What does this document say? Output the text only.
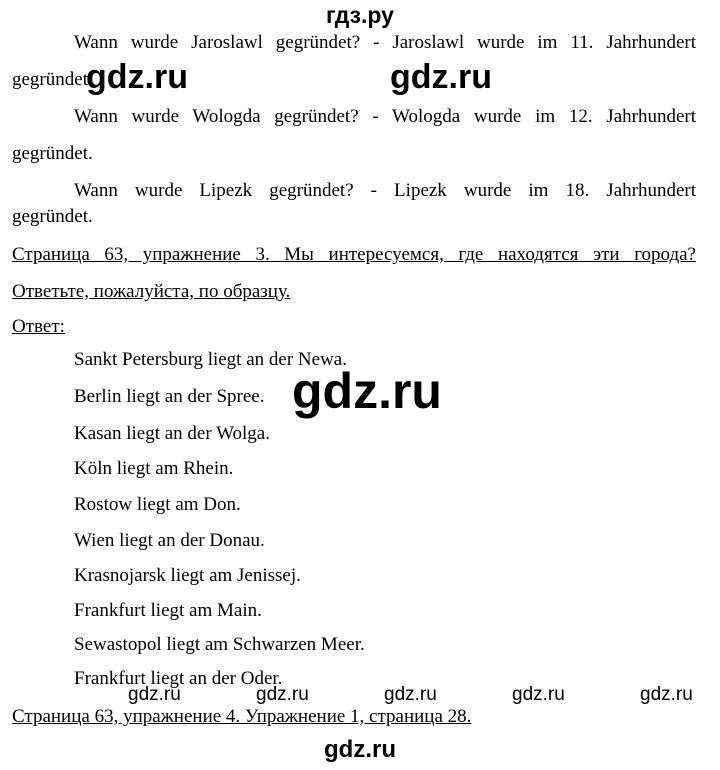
гдз.ру
Wann wurde Jaroslawl gegründet? - Jaroslawl wurde im 11. Jahrhundert
gegründet.
Wann wurde Wologda gegründet? - Wologda wurde im 12. Jahrhundert
gegründet.
Wann wurde Lipezk gegründet? - Lipezk wurde im 18. Jahrhundert
gegründet.
Страница 63, упражнение 3. Мы интересуемся, где находятся эти города?
Ответьте, пожалуйста, по образцу.
Ответ:
Sankt Petersburg liegt an der Newa.
Berlin liegt an der Spree.
Kasan liegt an der Wolga.
Köln liegt am Rhein.
Rostow liegt am Don.
Wien liegt an der Donau.
Krasnojarsk liegt am Jenissej.
Frankfurt liegt am Main.
Sewastopol liegt am Schwarzen Meer.
Frankfurt liegt an der Oder.
Страница 63, упражнение 4. Упражнение 1, страница 28.
gdz.ru	gdz.ru
gdz.ru
gdz.ru	gdz.ru	gdz.ru	gdz.ru	gdz.ru
gdz.ru
